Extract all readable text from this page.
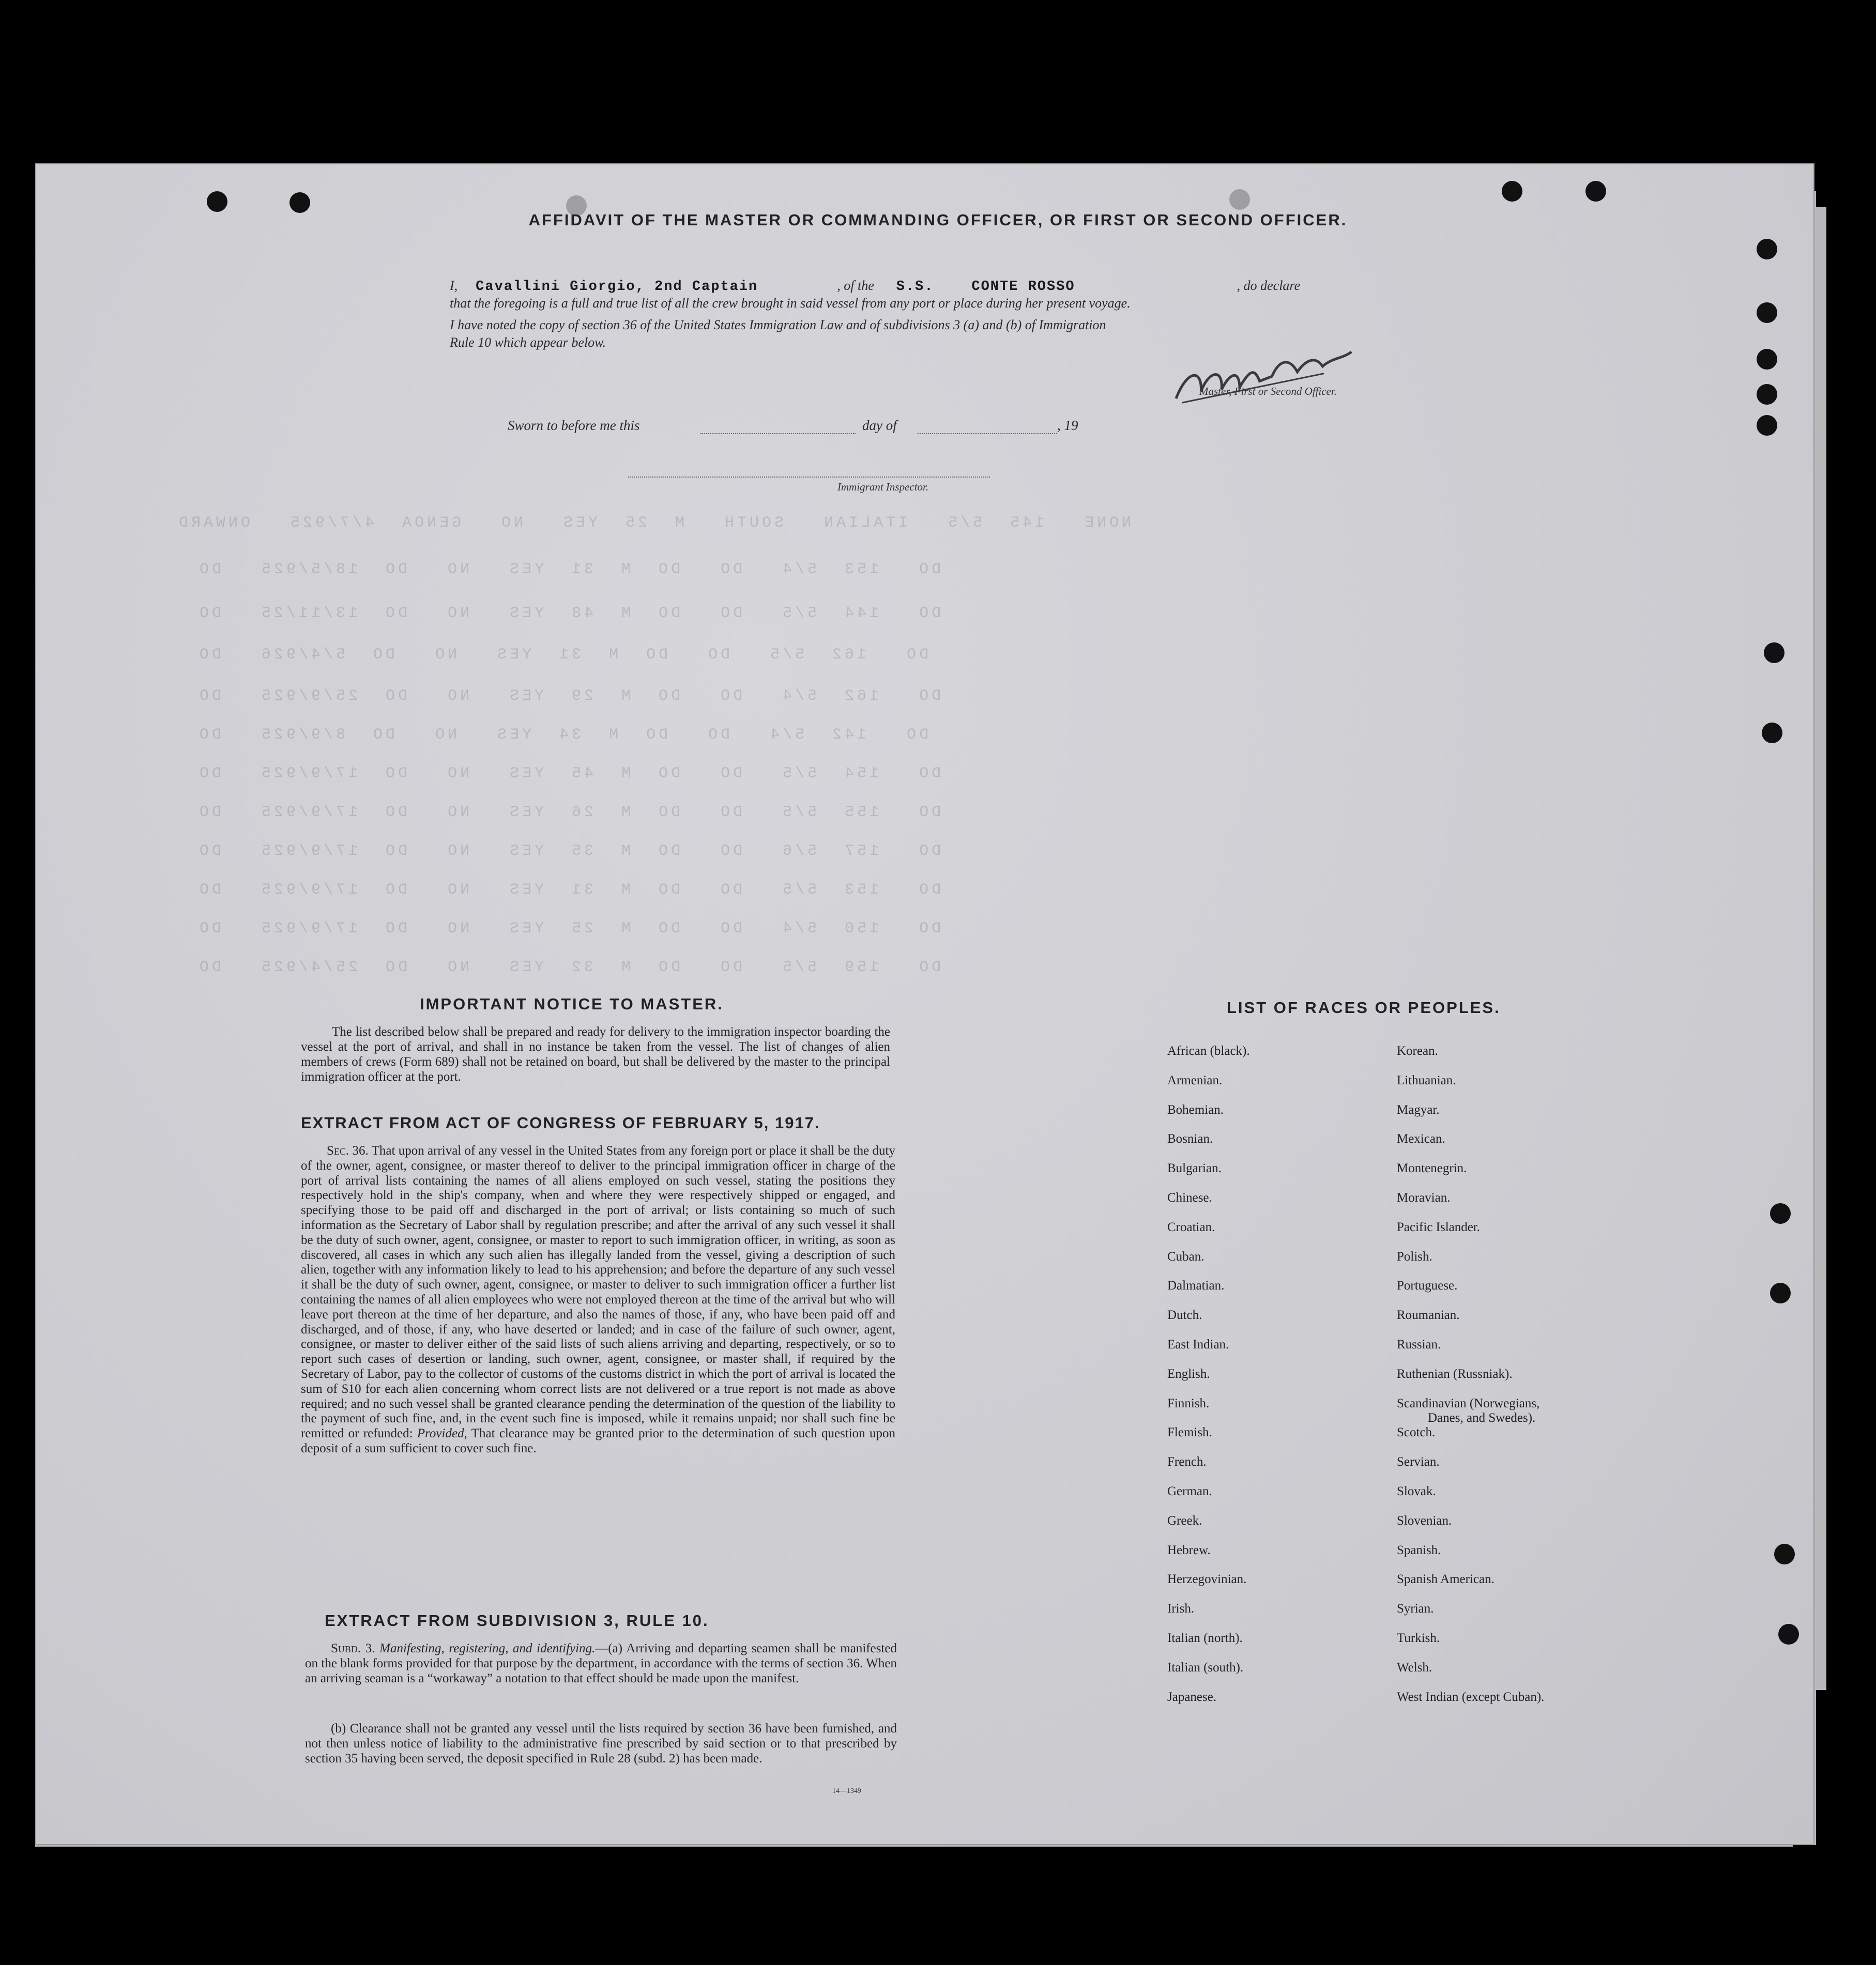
NONE   145  5/5   ITALIAN   SOUTH   M  25  YES   NO   GENOA  4/7/925   ONWARD
DO   153  5/4   DO   DO  M  31  YES   NO   DO  18/5/925   DO
DO   144  5/5   DO   DO  M  48  YES   NO   DO  13/11/25   DO
DO   162  5/5   DO   DO  M  31  YES   NO   DO  5/4/926   DO
DO   162  5/4   DO   DO  M  29  YES   NO   DO  25/9/925   DO
DO   142  5/4   DO   DO  M  34  YES   NO   DO  8/9/925   DO
DO   154  5/5   DO   DO  M  45  YES   NO   DO  17/9/925   DO
DO   155  5/5   DO   DO  M  26  YES   NO   DO  17/9/925   DO
DO   157  5/6   DO   DO  M  35  YES   NO   DO  17/9/925   DO
DO   153  5/5   DO   DO  M  31  YES   NO   DO  17/9/925   DO
DO   150  5/4   DO   DO  M  25  YES   NO   DO  17/9/925   DO
DO   159  5/5   DO   DO  M  32  YES   NO   DO  25/4/925   DO
AFFIDAVIT OF THE MASTER OR COMMANDING OFFICER, OR FIRST OR SECOND OFFICER.
I, Cavallini Giorgio, 2nd Captain	, of the S.S.    CONTE ROSSO	, do declare
that the foregoing is a full and true list of all the crew brought in said vessel from any port or place during her present voyage.
I have noted the copy of section 36 of the United States Immigration Law and of subdivisions 3 (a) and (b) of Immigration
Rule 10 which appear below.
Master, First or Second Officer.
Sworn to before me this	day of	, 19
Immigrant Inspector.
IMPORTANT NOTICE TO MASTER.
The list described below shall be prepared and ready for delivery to the immigration inspector boarding the vessel at the port of arrival, and shall in no instance be taken from the vessel. The list of changes of alien members of crews (Form 689) shall not be retained on board, but shall be delivered by the master to the principal immigration officer at the port.
EXTRACT FROM ACT OF CONGRESS OF FEBRUARY 5, 1917.
Sec. 36. That upon arrival of any vessel in the United States from any foreign port or place it shall be the duty of the owner, agent, consignee, or master thereof to deliver to the principal immigration officer in charge of the port of arrival lists containing the names of all aliens employed on such vessel, stating the positions they respectively hold in the ship's company, when and where they were respectively shipped or engaged, and specifying those to be paid off and discharged in the port of arrival; or lists containing so much of such information as the Secretary of Labor shall by regulation prescribe; and after the arrival of any such vessel it shall be the duty of such owner, agent, consignee, or master to report to such immigration officer, in writing, as soon as discovered, all cases in which any such alien has illegally landed from the vessel, giving a description of such alien, together with any information likely to lead to his apprehension; and before the departure of any such vessel it shall be the duty of such owner, agent, consignee, or master to deliver to such immigration officer a further list containing the names of all alien employees who were not employed thereon at the time of the arrival but who will leave port thereon at the time of her departure, and also the names of those, if any, who have been paid off and discharged, and of those, if any, who have deserted or landed; and in case of the failure of such owner, agent, consignee, or master to deliver either of the said lists of such aliens arriving and departing, respectively, or so to report such cases of desertion or landing, such owner, agent, consignee, or master shall, if required by the Secretary of Labor, pay to the collector of customs of the customs district in which the port of arrival is located the sum of $10 for each alien concerning whom correct lists are not delivered or a true report is not made as above required; and no such vessel shall be granted clearance pending the determination of the question of the liability to the payment of such fine, and, in the event such fine is imposed, while it remains unpaid; nor shall such fine be remitted or refunded: Provided, That clearance may be granted prior to the determination of such question upon deposit of a sum sufficient to cover such fine.
EXTRACT FROM SUBDIVISION 3, RULE 10.
Subd. 3. Manifesting, registering, and identifying.—(a) Arriving and departing seamen shall be manifested on the blank forms provided for that purpose by the department, in accordance with the terms of section 36. When an arriving seaman is a “workaway” a notation to that effect should be made upon the manifest.
(b) Clearance shall not be granted any vessel until the lists required by section 36 have been furnished, and not then unless notice of liability to the administrative fine prescribed by said section or to that prescribed by section 35 having been served, the deposit specified in Rule 28 (subd. 2) has been made.
LIST OF RACES OR PEOPLES.
African (black).
Armenian.
Bohemian.
Bosnian.
Bulgarian.
Chinese.
Croatian.
Cuban.
Dalmatian.
Dutch.
East Indian.
English.
Finnish.
Flemish.
French.
German.
Greek.
Hebrew.
Herzegovinian.
Irish.
Italian (north).
Italian (south).
Japanese.
Korean.
Lithuanian.
Magyar.
Mexican.
Montenegrin.
Moravian.
Pacific Islander.
Polish.
Portuguese.
Roumanian.
Russian.
Ruthenian (Russniak).
Scandinavian (Norwegians,
Danes, and Swedes).
Scotch.
Servian.
Slovak.
Slovenian.
Spanish.
Spanish American.
Syrian.
Turkish.
Welsh.
West Indian (except Cuban).
14—1349
